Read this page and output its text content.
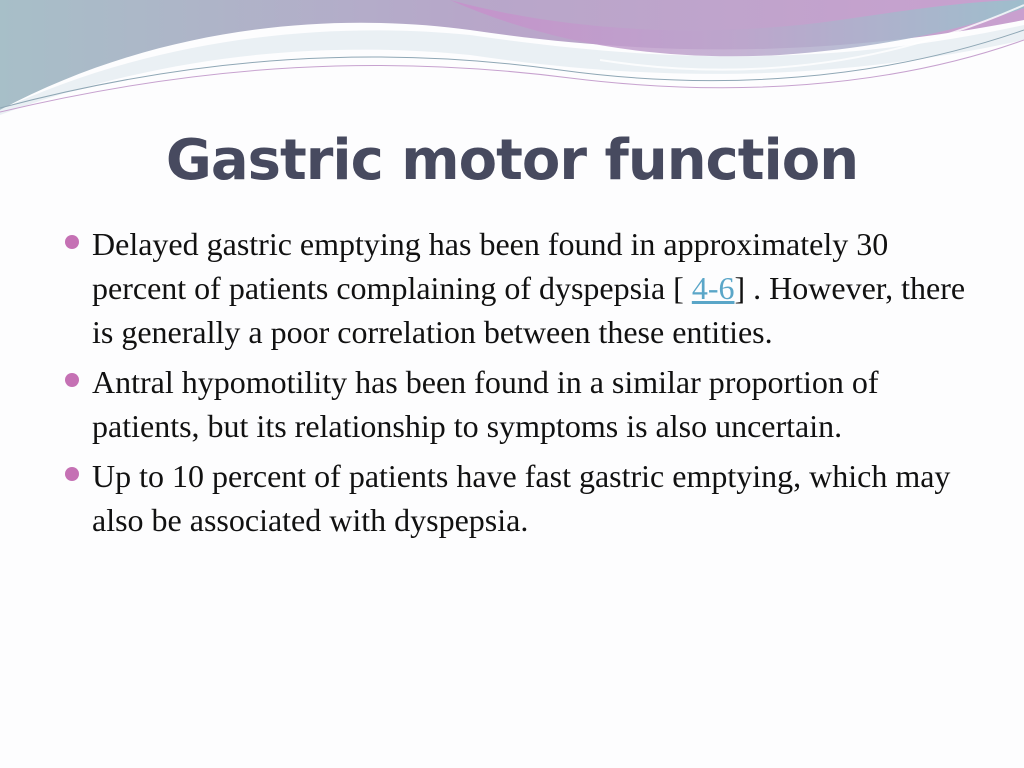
Gastric motor function
Delayed gastric emptying has been found in approximately 30 percent of patients complaining of dyspepsia [ 4-6] . However, there is generally a poor correlation between these entities.
Antral hypomotility has been found in a similar proportion of patients, but its relationship to symptoms is also uncertain.
Up to 10 percent of patients have fast gastric emptying, which may also be associated with dyspepsia.
